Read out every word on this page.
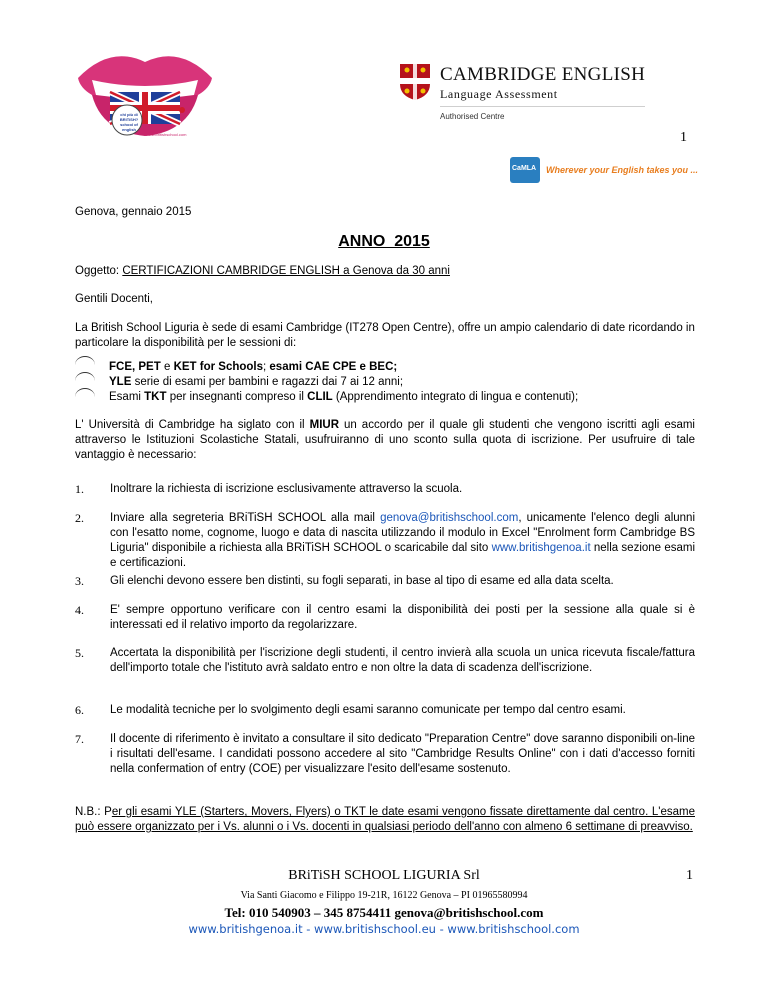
chi più di BRiTiSH? school of english
www.britishschool.com
CAMBRIDGE ENGLISH
Language Assessment
Authorised Centre
1
CaMLA Wherever your English takes you ...
Genova, gennaio 2015
ANNO  2015
Oggetto: CERTIFICAZIONI CAMBRIDGE ENGLISH a Genova da 30 anni
Gentili Docenti,
La British School Liguria è sede di esami Cambridge (IT278 Open Centre), offre un ampio calendario di date ricordando in particolare la disponibilità per le sessioni di:
FCE, PET e KET for Schools; esami CAE CPE e BEC;
YLE serie di esami per bambini e ragazzi dai 7 ai 12 anni;
Esami TKT per insegnanti compreso il CLIL (Apprendimento integrato di lingua e contenuti);
L' Università di Cambridge ha siglato con il MIUR un accordo per il quale gli studenti che vengono iscritti agli esami attraverso le Istituzioni Scolastiche Statali, usufruiranno di uno sconto sulla quota di iscrizione. Per usufruire di tale vantaggio è necessario:
1. Inoltrare la richiesta di iscrizione esclusivamente attraverso la scuola.
2. Inviare alla segreteria BRiTiSH SCHOOL alla mail genova@britishschool.com, unicamente l'elenco degli alunni con l'esatto nome, cognome, luogo e data di nascita utilizzando il modulo in Excel "Enrolment form Cambridge BS Liguria" disponibile a richiesta alla BRiTiSH SCHOOL o scaricabile dal sito www.britishgenoa.it nella sezione esami e certificazioni.
3. Gli elenchi devono essere ben distinti, su fogli separati, in base al tipo di esame ed alla data scelta.
4. E' sempre opportuno verificare con il centro esami la disponibilità dei posti per la sessione alla quale si è interessati ed il relativo importo da regolarizzare.
5. Accertata la disponibilità per l'iscrizione degli studenti, il centro invierà alla scuola un unica ricevuta fiscale/fattura dell'importo totale che l'istituto avrà saldato entro e non oltre la data di scadenza dell'iscrizione.
6. Le modalità tecniche per lo svolgimento degli esami saranno comunicate per tempo dal centro esami.
7. Il docente di riferimento è invitato a consultare il sito dedicato "Preparation Centre" dove saranno disponibili on-line i risultati dell'esame. I candidati possono accedere al sito "Cambridge Results Online" con i dati d'accesso forniti nella confermation of entry (COE) per visualizzare l'esito dell'esame sostenuto.
N.B.: Per gli esami YLE (Starters, Movers, Flyers) o TKT le date esami vengono fissate direttamente dal centro. L'esame può essere organizzato per i Vs. alunni o i Vs. docenti in qualsiasi periodo dell'anno con almeno 6 settimane di preavviso.
BRiTiSH SCHOOL LIGURIA Srl	1
Via Santi Giacomo e Filippo 19-21R, 16122 Genova – PI 01965580994
Tel: 010 540903 – 345 8754411 genova@britishschool.com
www.britishgenoa.it - www.britishschool.eu - www.britishschool.com
